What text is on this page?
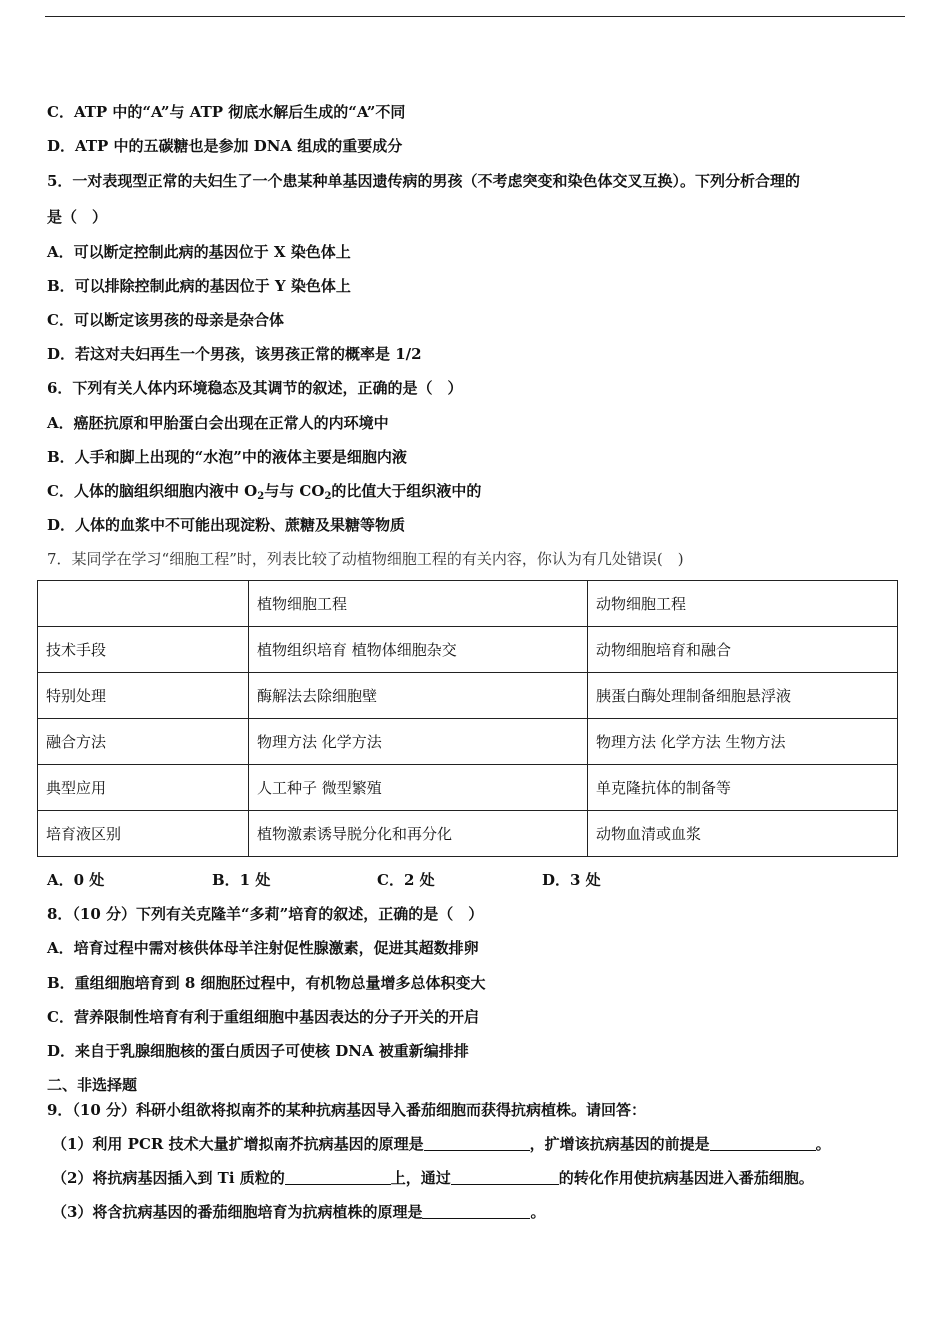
C．ATP 中的“A”与 ATP 彻底水解后生成的“A”不同
D．ATP 中的五碳糖也是参加 DNA 组成的重要成分
5．一对表现型正常的夫妇生了一个患某种单基因遗传病的男孩（不考虑突变和染色体交叉互换）。下列分析合理的
是（　）
A．可以断定控制此病的基因位于 X 染色体上
B．可以排除控制此病的基因位于 Y 染色体上
C．可以断定该男孩的母亲是杂合体
D．若这对夫妇再生一个男孩，该男孩正常的概率是 1/2
6．下列有关人体内环境稳态及其调节的叙述，正确的是（　）
A．癌胚抗原和甲胎蛋白会出现在正常人的内环境中
B．人手和脚上出现的“水泡”中的液体主要是细胞内液
C．人体的脑组织细胞内液中 $O_2$与与 $CO_2$的比值大于组织液中的
D．人体的血浆中不可能出现淀粉、蔗糖及果糖等物质
7．某同学在学习“细胞工程”时，列表比较了动植物细胞工程的有关内容，你认为有几处错误(　)
	植物细胞工程	动物细胞工程
技术手段	植物组织培育 植物体细胞杂交	动物细胞培育和融合
特别处理	酶解法去除细胞壁	胰蛋白酶处理制备细胞悬浮液
融合方法	物理方法 化学方法	物理方法 化学方法 生物方法
典型应用	人工种子 微型繁殖	单克隆抗体的制备等
培育液区别	植物激素诱导脱分化和再分化	动物血清或血浆
A．0 处	B．1 处	C．2 处	D．3 处
8．（10 分）下列有关克隆羊“多莉”培育的叙述，正确的是（　）
A．培育过程中需对核供体母羊注射促性腺激素，促进其超数排卵
B．重组细胞培育到 8 细胞胚过程中，有机物总量增多总体积变大
C．营养限制性培育有利于重组细胞中基因表达的分子开关的开启
D．来自于乳腺细胞核的蛋白质因子可使核 DNA 被重新编排排
二、非选择题
9．（10 分）科研小组欲将拟南芥的某种抗病基因导入番茄细胞而获得抗病植株。请回答：
（1）利用 PCR 技术大量扩增拟南芥抗病基因的原理是	，扩增该抗病基因的前提是	。
（2）将抗病基因插入到 Ti 质粒的	上，通过	的转化作用使抗病基因进入番茄细胞。
（3）将含抗病基因的番茄细胞培育为抗病植株的原理是	。
